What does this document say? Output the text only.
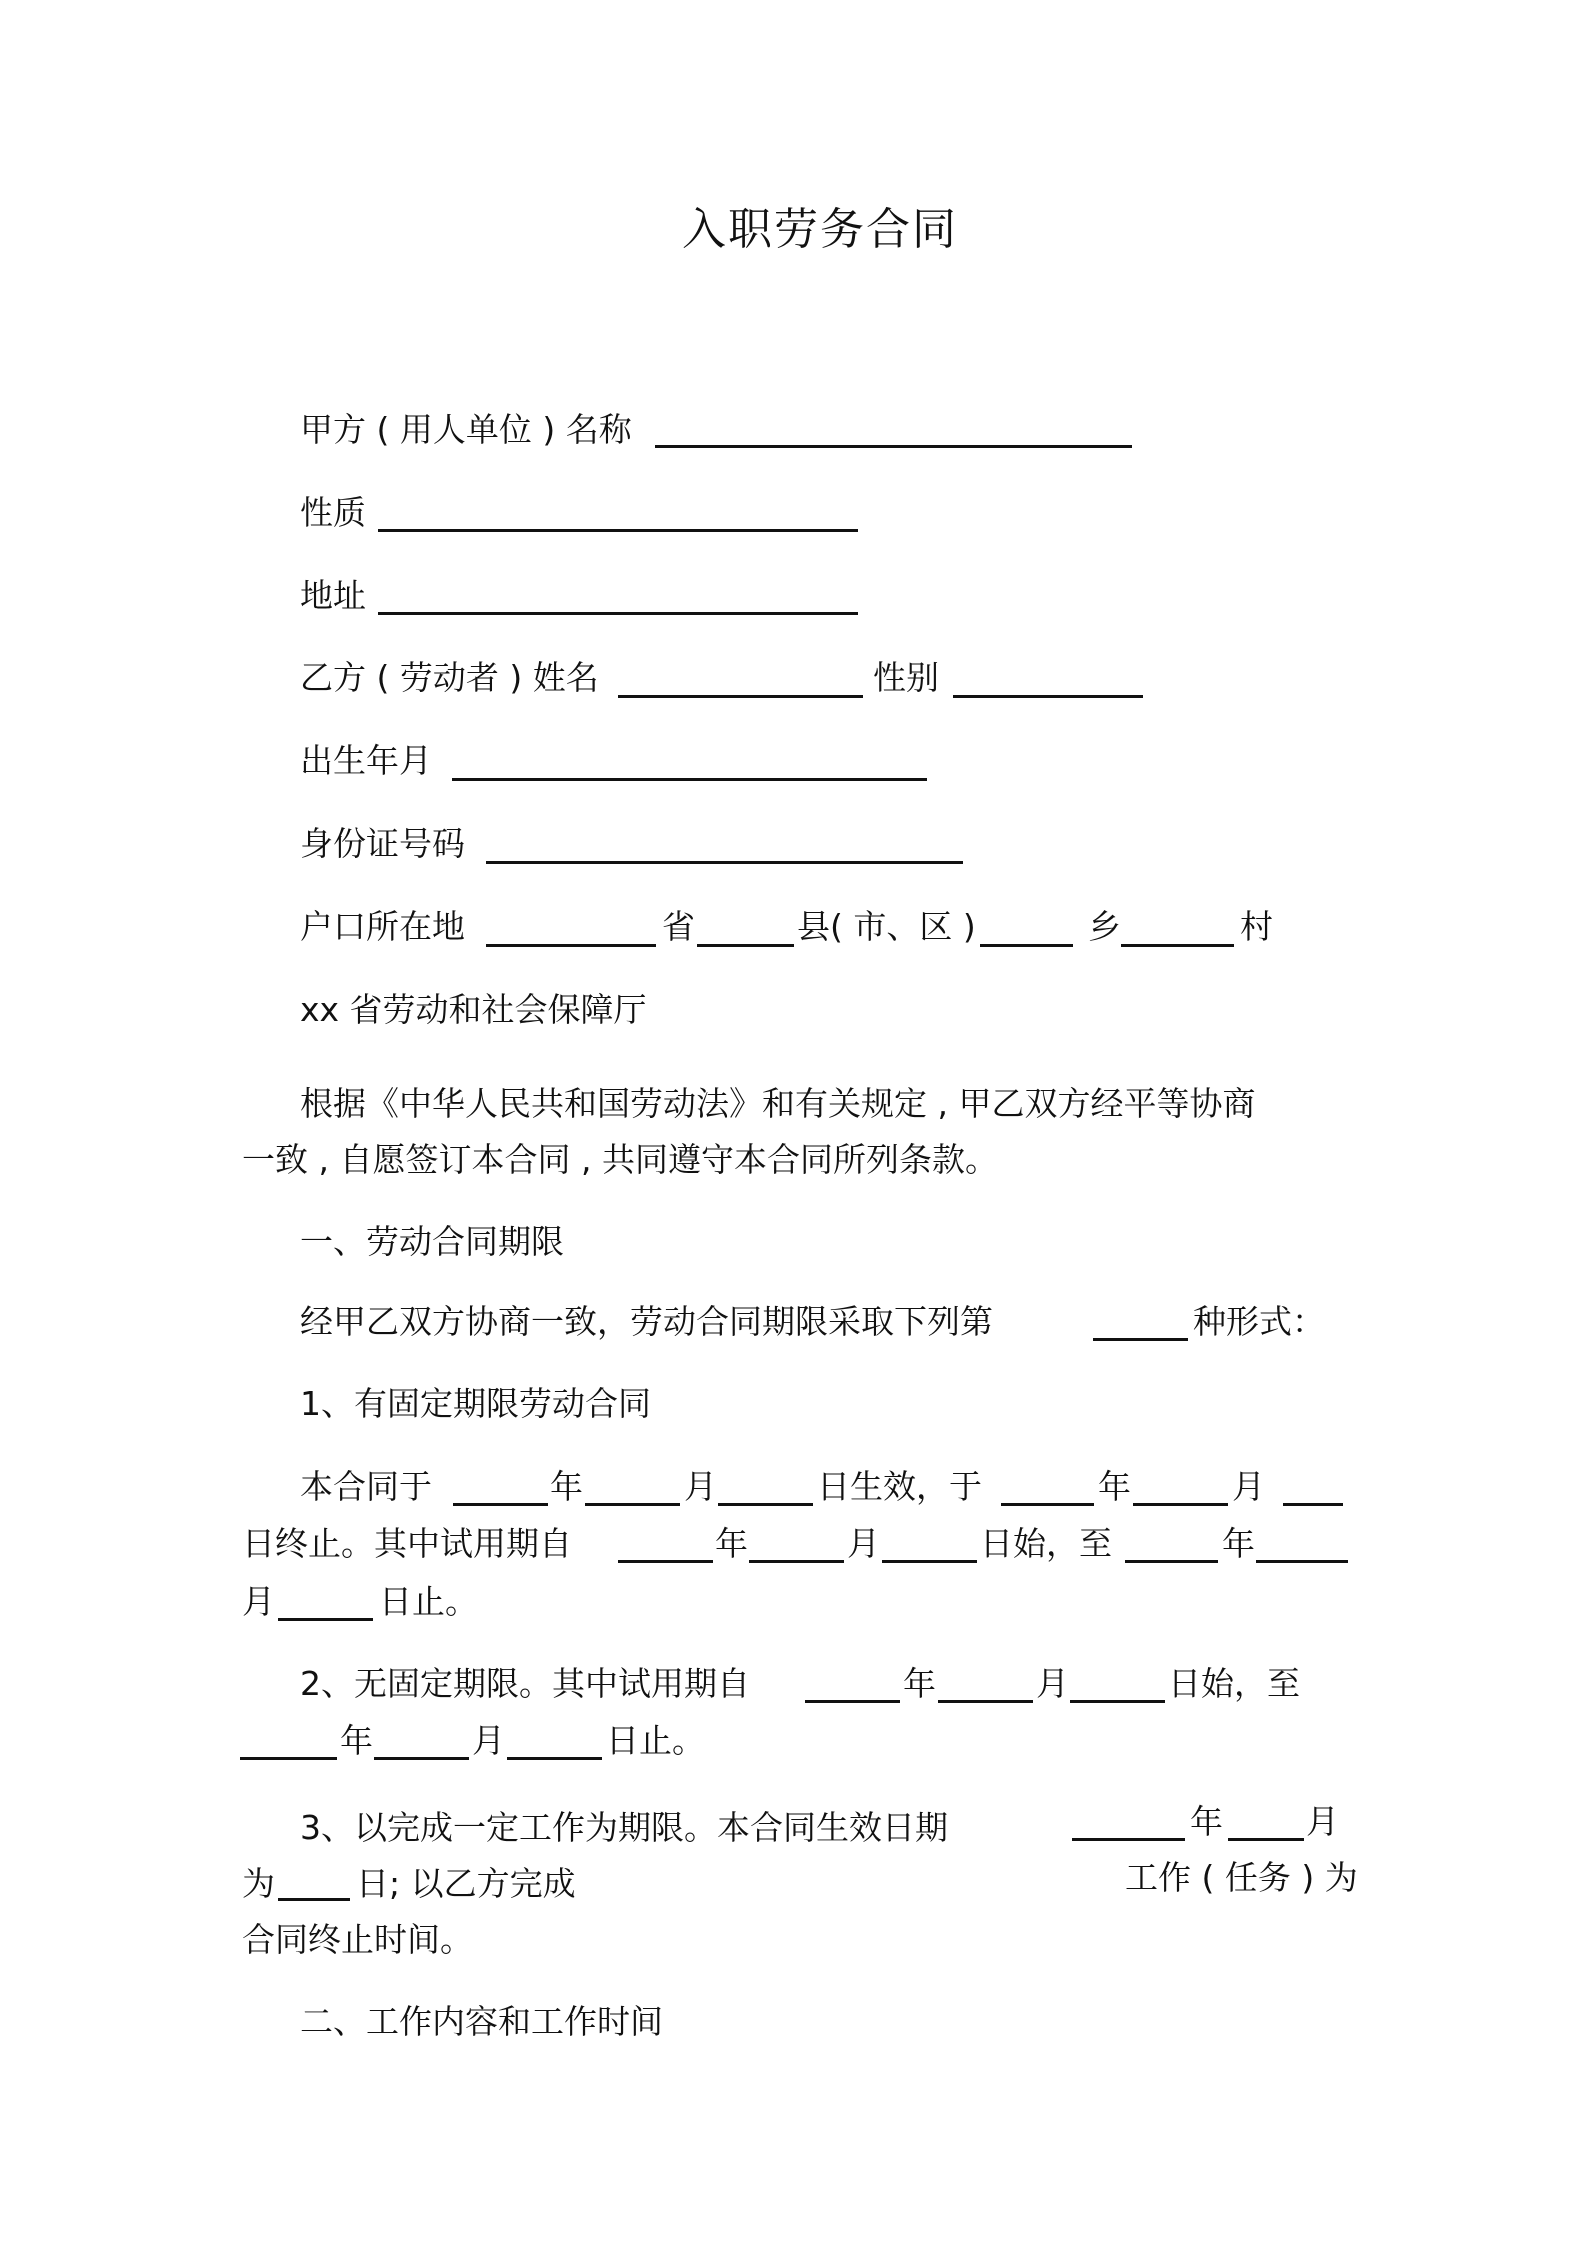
入职劳务合同
甲方 ( 用人单位 ) 名称
性质
地址
乙方 ( 劳动者 ) 姓名	性别
出生年月
身份证号码
户口所在地	省	县( 市、区 )	乡	村
xx 省劳动和社会保障厅
根据《中华人民共和国劳动法》和有关规定 , 甲乙双方经平等协商
一致 , 自愿签订本合同 , 共同遵守本合同所列条款。
一、劳动合同期限
经甲乙双方协商一致，劳动合同期限采取下列第	种形式：
1、有固定期限劳动合同
本合同于	年	月	日生效，于	年	月
日终止。其中试用期自	年	月	日始，至	年
月	日止。
2、无固定期限。其中试用期自	年	月	日始，至
年	月	日止。
3、以完成一定工作为期限。本合同生效日期	年	月
为 日; 以乙方完成	工作 ( 任务 ) 为
合同终止时间。
二、工作内容和工作时间
